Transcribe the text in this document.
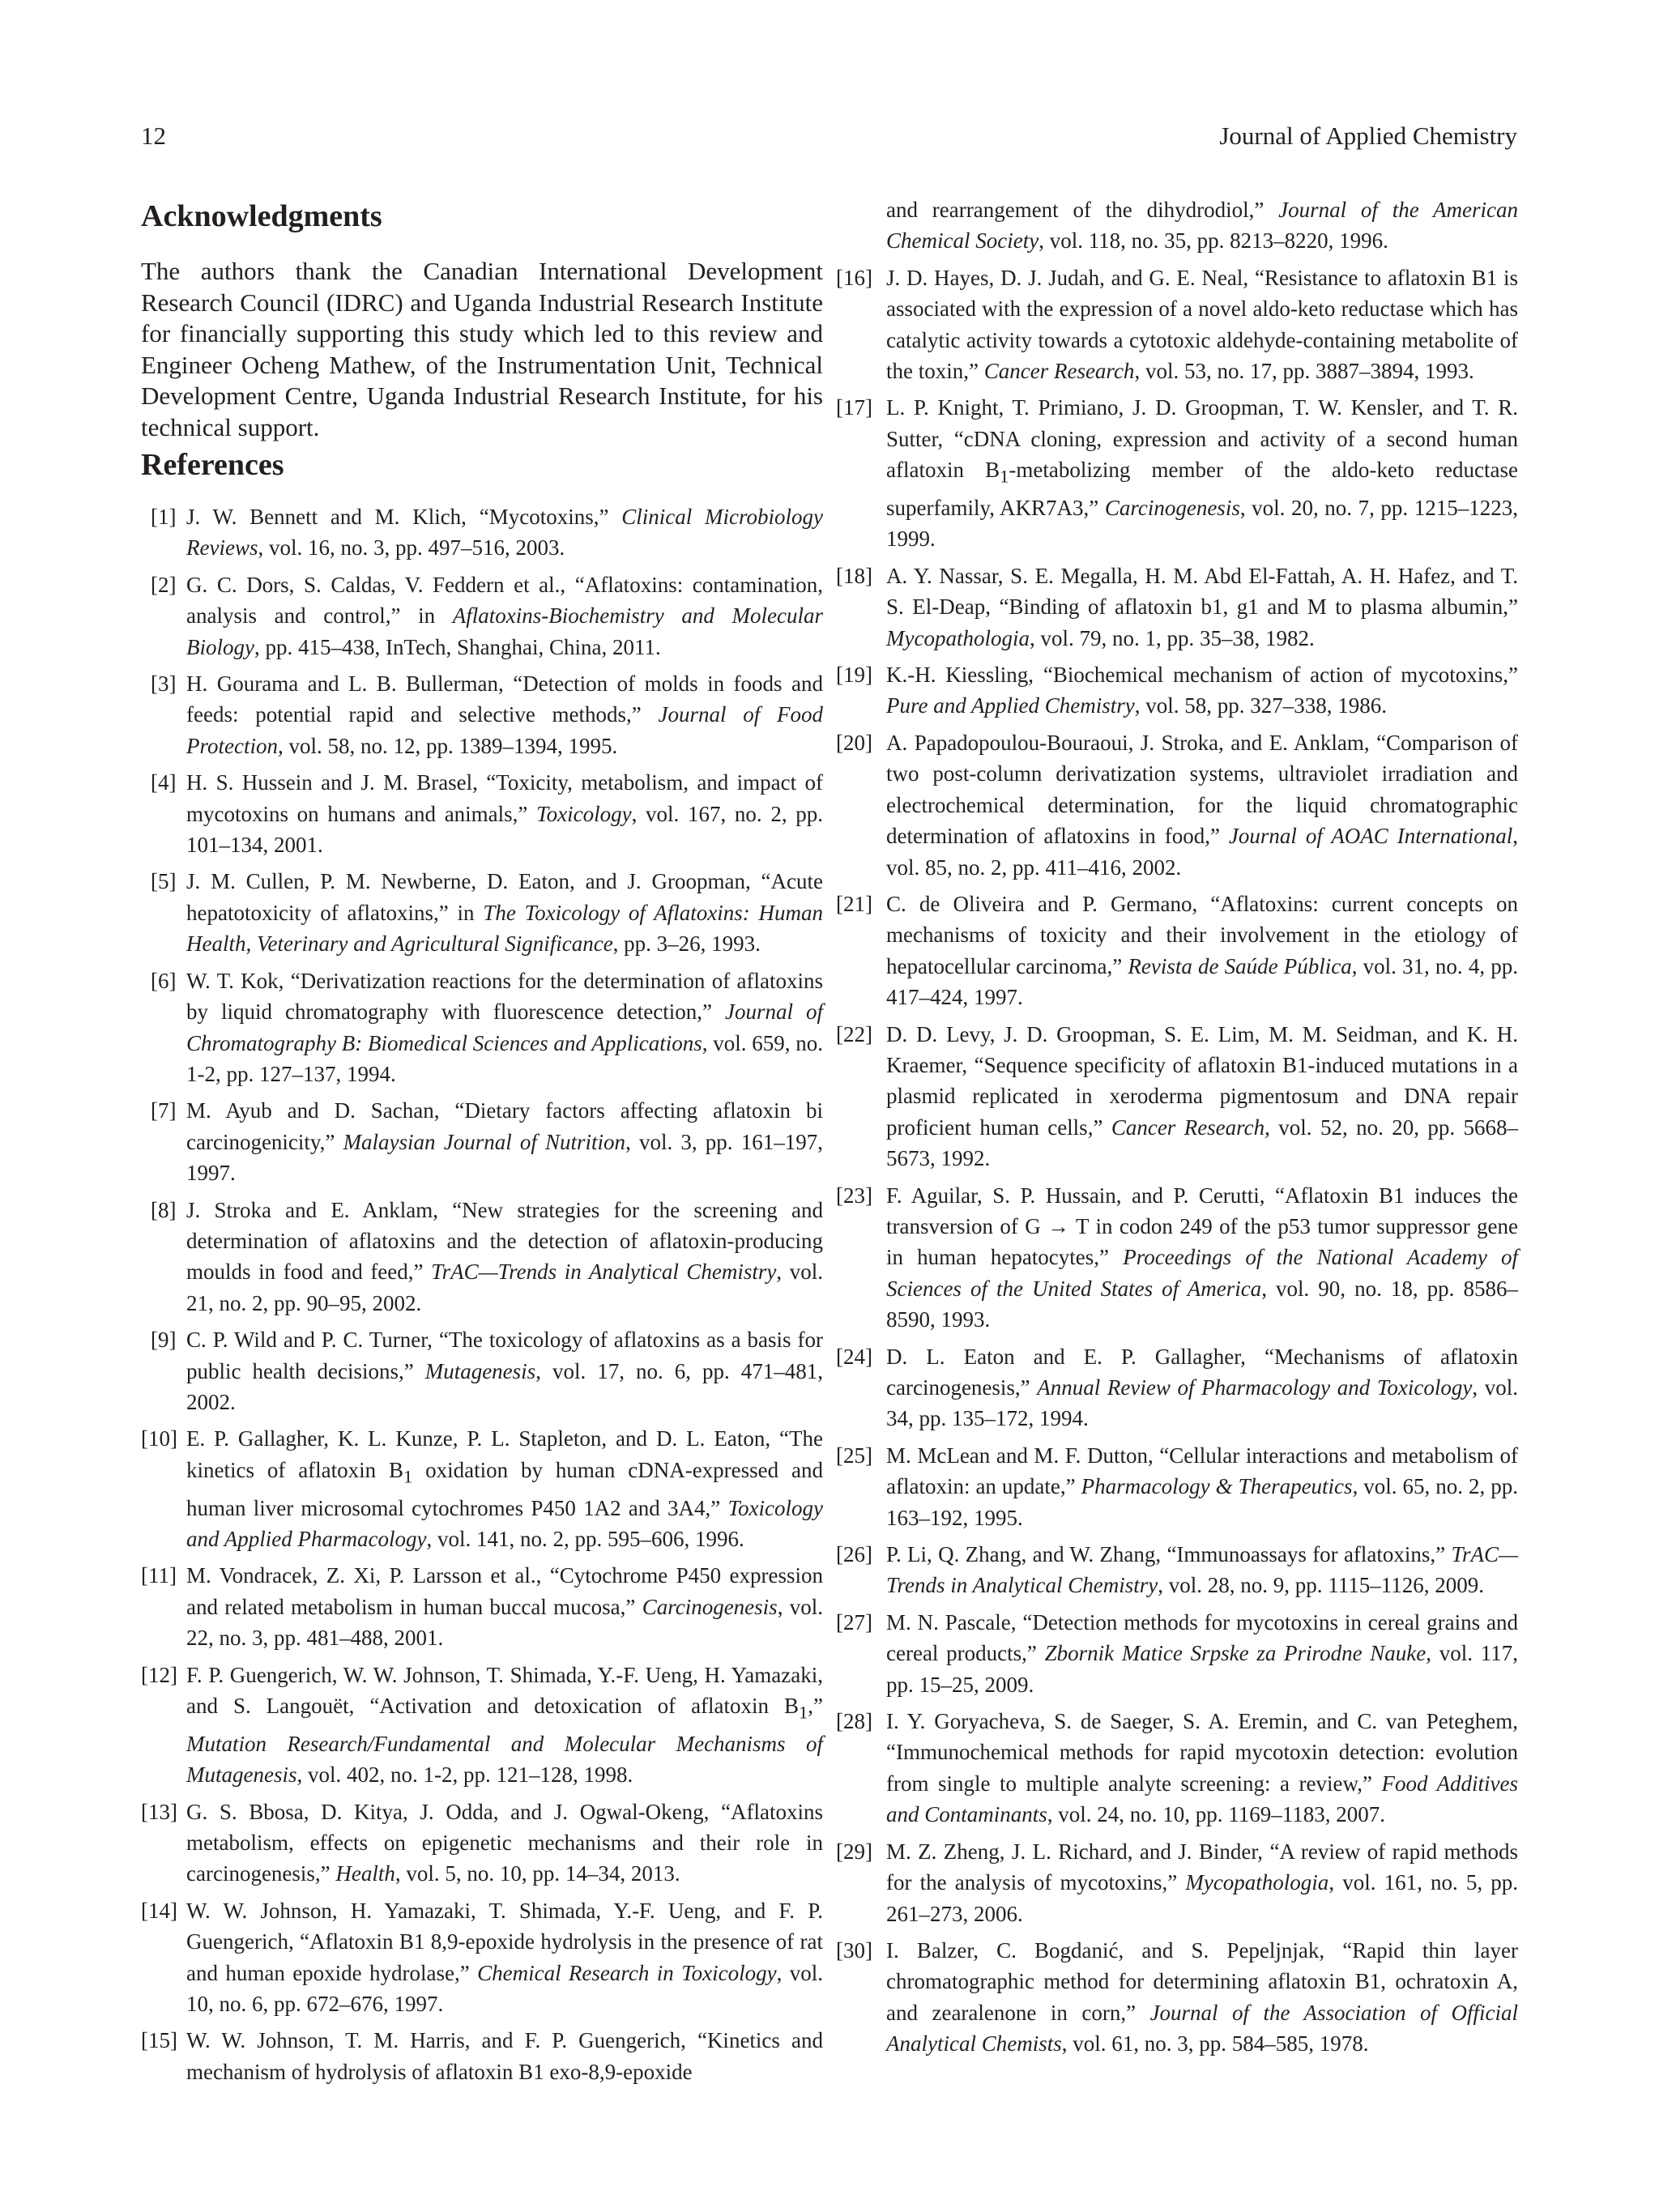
12	Journal of Applied Chemistry
Acknowledgments

The authors thank the Canadian International Development Research Council (IDRC) and Uganda Industrial Research Institute for financially supporting this study which led to this review and Engineer Ocheng Mathew, of the Instrumentation Unit, Technical Development Centre, Uganda Industrial Research Institute, for his technical support.

References
[1] J. W. Bennett and M. Klich, “Mycotoxins,” Clinical Microbiology Reviews, vol. 16, no. 3, pp. 497–516, 2003.
[2] G. C. Dors, S. Caldas, V. Feddern et al., “Aflatoxins: contamination, analysis and control,” in Aflatoxins-Biochemistry and Molecular Biology, pp. 415–438, InTech, Shanghai, China, 2011.
[3] H. Gourama and L. B. Bullerman, “Detection of molds in foods and feeds: potential rapid and selective methods,” Journal of Food Protection, vol. 58, no. 12, pp. 1389–1394, 1995.
[4] H. S. Hussein and J. M. Brasel, “Toxicity, metabolism, and impact of mycotoxins on humans and animals,” Toxicology, vol. 167, no. 2, pp. 101–134, 2001.
[5] J. M. Cullen, P. M. Newberne, D. Eaton, and J. Groopman, “Acute hepatotoxicity of aflatoxins,” in The Toxicology of Aflatoxins: Human Health, Veterinary and Agricultural Significance, pp. 3–26, 1993.
[6] W. T. Kok, “Derivatization reactions for the determination of aflatoxins by liquid chromatography with fluorescence detection,” Journal of Chromatography B: Biomedical Sciences and Applications, vol. 659, no. 1-2, pp. 127–137, 1994.
[7] M. Ayub and D. Sachan, “Dietary factors affecting aflatoxin bi carcinogenicity,” Malaysian Journal of Nutrition, vol. 3, pp. 161–197, 1997.
[8] J. Stroka and E. Anklam, “New strategies for the screening and determination of aflatoxins and the detection of aflatoxin-producing moulds in food and feed,” TrAC—Trends in Analytical Chemistry, vol. 21, no. 2, pp. 90–95, 2002.
[9] C. P. Wild and P. C. Turner, “The toxicology of aflatoxins as a basis for public health decisions,” Mutagenesis, vol. 17, no. 6, pp. 471–481, 2002.
[10] E. P. Gallagher, K. L. Kunze, P. L. Stapleton, and D. L. Eaton, “The kinetics of aflatoxin $B_1$ oxidation by human cDNA-expressed and human liver microsomal cytochromes P450 1A2 and 3A4,” Toxicology and Applied Pharmacology, vol. 141, no. 2, pp. 595–606, 1996.
[11] M. Vondracek, Z. Xi, P. Larsson et al., “Cytochrome P450 expression and related metabolism in human buccal mucosa,” Carcinogenesis, vol. 22, no. 3, pp. 481–488, 2001.
[12] F. P. Guengerich, W. W. Johnson, T. Shimada, Y.-F. Ueng, H. Yamazaki, and S. Langouët, “Activation and detoxication of aflatoxin $B_1$,” Mutation Research/Fundamental and Molecular Mechanisms of Mutagenesis, vol. 402, no. 1-2, pp. 121–128, 1998.
[13] G. S. Bbosa, D. Kitya, J. Odda, and J. Ogwal-Okeng, “Aflatoxins metabolism, effects on epigenetic mechanisms and their role in carcinogenesis,” Health, vol. 5, no. 10, pp. 14–34, 2013.
[14] W. W. Johnson, H. Yamazaki, T. Shimada, Y.-F. Ueng, and F. P. Guengerich, “Aflatoxin B1 8,9-epoxide hydrolysis in the presence of rat and human epoxide hydrolase,” Chemical Research in Toxicology, vol. 10, no. 6, pp. 672–676, 1997.
[15] W. W. Johnson, T. M. Harris, and F. P. Guengerich, “Kinetics and mechanism of hydrolysis of aflatoxin B1 exo-8,9-epoxide
and rearrangement of the dihydrodiol,” Journal of the American Chemical Society, vol. 118, no. 35, pp. 8213–8220, 1996.
[16] J. D. Hayes, D. J. Judah, and G. E. Neal, “Resistance to aflatoxin B1 is associated with the expression of a novel aldo-keto reductase which has catalytic activity towards a cytotoxic aldehyde-containing metabolite of the toxin,” Cancer Research, vol. 53, no. 17, pp. 3887–3894, 1993.
[17] L. P. Knight, T. Primiano, J. D. Groopman, T. W. Kensler, and T. R. Sutter, “cDNA cloning, expression and activity of a second human aflatoxin $B_1$-metabolizing member of the aldo-keto reductase superfamily, AKR7A3,” Carcinogenesis, vol. 20, no. 7, pp. 1215–1223, 1999.
[18] A. Y. Nassar, S. E. Megalla, H. M. Abd El-Fattah, A. H. Hafez, and T. S. El-Deap, “Binding of aflatoxin b1, g1 and M to plasma albumin,” Mycopathologia, vol. 79, no. 1, pp. 35–38, 1982.
[19] K.-H. Kiessling, “Biochemical mechanism of action of mycotoxins,” Pure and Applied Chemistry, vol. 58, pp. 327–338, 1986.
[20] A. Papadopoulou-Bouraoui, J. Stroka, and E. Anklam, “Comparison of two post-column derivatization systems, ultraviolet irradiation and electrochemical determination, for the liquid chromatographic determination of aflatoxins in food,” Journal of AOAC International, vol. 85, no. 2, pp. 411–416, 2002.
[21] C. de Oliveira and P. Germano, “Aflatoxins: current concepts on mechanisms of toxicity and their involvement in the etiology of hepatocellular carcinoma,” Revista de Saúde Pública, vol. 31, no. 4, pp. 417–424, 1997.
[22] D. D. Levy, J. D. Groopman, S. E. Lim, M. M. Seidman, and K. H. Kraemer, “Sequence specificity of aflatoxin B1-induced mutations in a plasmid replicated in xeroderma pigmentosum and DNA repair proficient human cells,” Cancer Research, vol. 52, no. 20, pp. 5668–5673, 1992.
[23] F. Aguilar, S. P. Hussain, and P. Cerutti, “Aflatoxin B1 induces the transversion of G → T in codon 249 of the p53 tumor suppressor gene in human hepatocytes,” Proceedings of the National Academy of Sciences of the United States of America, vol. 90, no. 18, pp. 8586–8590, 1993.
[24] D. L. Eaton and E. P. Gallagher, “Mechanisms of aflatoxin carcinogenesis,” Annual Review of Pharmacology and Toxicology, vol. 34, pp. 135–172, 1994.
[25] M. McLean and M. F. Dutton, “Cellular interactions and metabolism of aflatoxin: an update,” Pharmacology & Therapeutics, vol. 65, no. 2, pp. 163–192, 1995.
[26] P. Li, Q. Zhang, and W. Zhang, “Immunoassays for aflatoxins,” TrAC—Trends in Analytical Chemistry, vol. 28, no. 9, pp. 1115–1126, 2009.
[27] M. N. Pascale, “Detection methods for mycotoxins in cereal grains and cereal products,” Zbornik Matice Srpske za Prirodne Nauke, vol. 117, pp. 15–25, 2009.
[28] I. Y. Goryacheva, S. de Saeger, S. A. Eremin, and C. van Peteghem, “Immunochemical methods for rapid mycotoxin detection: evolution from single to multiple analyte screening: a review,” Food Additives and Contaminants, vol. 24, no. 10, pp. 1169–1183, 2007.
[29] M. Z. Zheng, J. L. Richard, and J. Binder, “A review of rapid methods for the analysis of mycotoxins,” Mycopathologia, vol. 161, no. 5, pp. 261–273, 2006.
[30] I. Balzer, C. Bogdanić, and S. Pepeljnjak, “Rapid thin layer chromatographic method for determining aflatoxin B1, ochratoxin A, and zearalenone in corn,” Journal of the Association of Official Analytical Chemists, vol. 61, no. 3, pp. 584–585, 1978.
